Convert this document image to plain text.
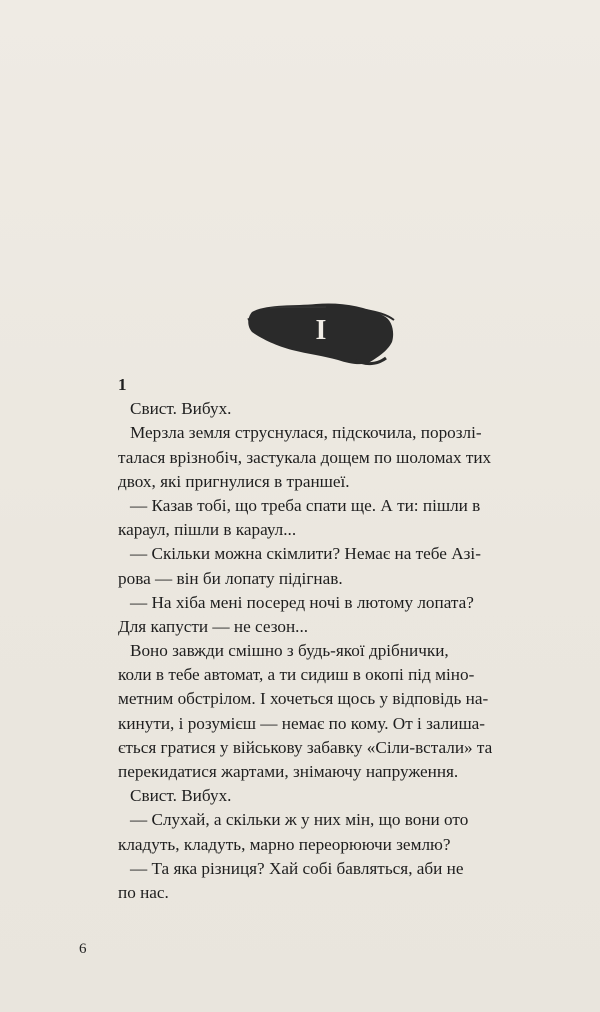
I
1
Свист. Вибух.
Мерзла земля струснулася, підскочила, порозлі-
талася врізнобіч, застукала дощем по шоломах тих
двох, які пригнулися в траншеї.
— Казав тобі, що треба спати ще. А ти: пішли в
караул, пішли в караул...
— Скільки можна скімлити? Немає на тебе Азі-
рова — він би лопату підігнав.
— На хіба мені посеред ночі в лютому лопата?
Для капусти — не сезон...
Воно завжди смішно з будь-якої дрібнички,
коли в тебе автомат, а ти сидиш в окопі під міно-
метним обстрілом. І хочеться щось у відповідь на-
кинути, і розумієш — немає по кому. От і залиша-
ється гратися у військову забавку «Сіли-встали» та
перекидатися жартами, знімаючу напруження.
Свист. Вибух.
— Слухай, а скільки ж у них мін, що вони ото
кладуть, кладуть, марно переорюючи землю?
— Та яка різниця? Хай собі бавляться, аби не
по нас.
6
